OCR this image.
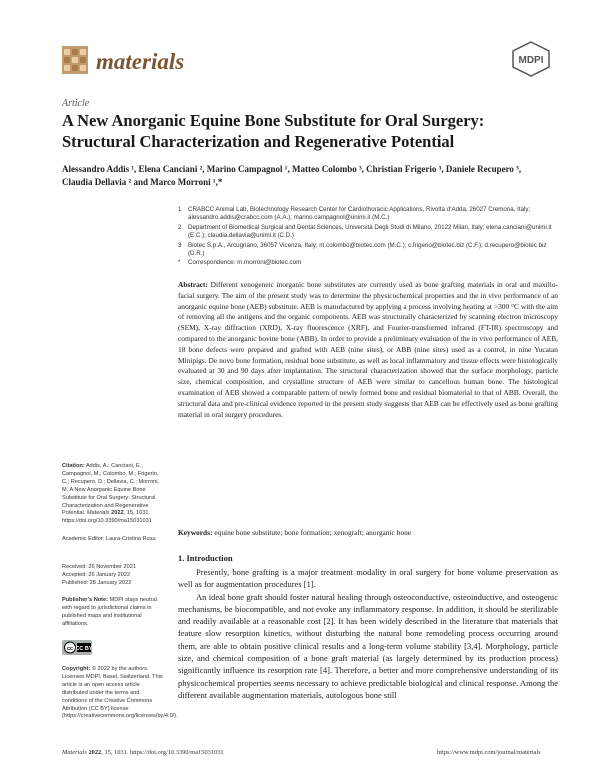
materials	MDPI
Article
A New Anorganic Equine Bone Substitute for Oral Surgery: Structural Characterization and Regenerative Potential
Alessandro Addis ¹, Elena Canciani ², Marino Campagnol ¹, Matteo Colombo ³, Christian Frigerio ³, Daniele Recupero ³, Claudia Dellavia ² and Marco Morroni ¹,*
1	CRABCC Animal Lab, Biotechnology Research Center for Cardiothoracic Applications, Rivolta d’Adda, 26027 Cremona, Italy; alessandro.addis@crabcc.com (A.A.); marino.campagnol@unimi.it (M.C.)
2	Department of Biomedical Surgical and Dental Sciences, Università Degli Studi di Milano, 20122 Milan, Italy; elena.canciani@unimi.it (E.C.); claudia.dellavia@unimi.it (C.D.)
3	Biotec S.p.A., Arcugnano, 36057 Vicenza, Italy; m.colombo@biotec.com (M.C.); c.frigerio@biotec.biz (C.F.); d.recupero@biotec.biz (D.R.)
*	Correspondence: m.morroni@biotec.com
Abstract: Different xenogeneic inorganic bone substitutes are currently used as bone grafting materials in oral and maxillo-facial surgery. The aim of the present study was to determine the physicochemical properties and the in vivo performance of an anorganic equine bone (AEB) substitute. AEB is manufactured by applying a process involving heating at >300 °C with the aim of removing all the antigens and the organic components. AEB was structurally characterized by scanning electron microscopy (SEM), X-ray diffraction (XRD), X-ray fluorescence (XRF), and Fourier-transformed infrared (FT-IR) spectroscopy and compared to the anorganic bovine bone (ABB). In order to provide a preliminary evaluation of the in vivo performance of AEB, 18 bone defects were prepared and grafted with AEB (nine sites), or ABB (nine sites) used as a control, in nine Yucatan Minipigs. De novo bone formation, residual bone substitute, as well as local inflammatory and tissue effects were histologically evaluated at 30 and 90 days after implantation. The structural characterization showed that the surface morphology, particle size, chemical composition, and crystalline structure of AEB were similar to cancellous human bone. The histological examination of AEB showed a comparable pattern of newly formed bone and residual biomaterial to that of ABB. Overall, the structural data and pre-clinical evidence reported in the present study suggests that AEB can be effectively used as bone grafting material in oral surgery procedures.
Keywords: equine bone substitute; bone formation; xenograft; anorganic bone
Citation: Addis, A.; Canciani, E.; Campagnol, M.; Colombo, M.; Frigerio, C.; Recupero, D.; Dellavia, C.; Morroni, M. A New Anorganic Equine Bone Substitute for Oral Surgery: Structural Characterization and Regenerative Potential. Materials 2022, 15, 1031. https://doi.org/10.3390/ma15031031
Academic Editor: Laura-Cristina Rusu
Received: 26 November 2021
Accepted: 26 January 2022
Published: 28 January 2022
Publisher’s Note: MDPI stays neutral with regard to jurisdictional claims in published maps and institutional affiliations.
cc CC BY
Copyright: © 2022 by the authors. Licensee MDPI, Basel, Switzerland. This article is an open access article distributed under the terms and conditions of the Creative Commons Attribution (CC BY) license (https://creativecommons.org/licenses/by/4.0/).
1. Introduction

Presently, bone grafting is a major treatment modality in oral surgery for bone volume preservation as well as for augmentation procedures [1].

An ideal bone graft should foster natural healing through osteoconductive, osteoinductive, and osteogenic mechanisms, be biocompatible, and not evoke any inflammatory response. In addition, it should be sterilizable and readily available at a reasonable cost [2]. It has been widely described in the literature that materials that feature slow resorption kinetics, without disturbing the natural bone remodeling process occurring around them, are able to obtain positive clinical results and a long-term volume stability [3,4]. Morphology, particle size, and chemical composition of a bone graft material (as largely determined by its production process) significantly influence its resorption rate [4]. Therefore, a better and more comprehensive understanding of its physicochemical properties seems necessary to achieve predictable biological and clinical response. Among the different available augmentation materials, autologous bone still

Materials 2022, 15, 1031. https://doi.org/10.3390/ma15031031	https://www.mdpi.com/journal/materials
